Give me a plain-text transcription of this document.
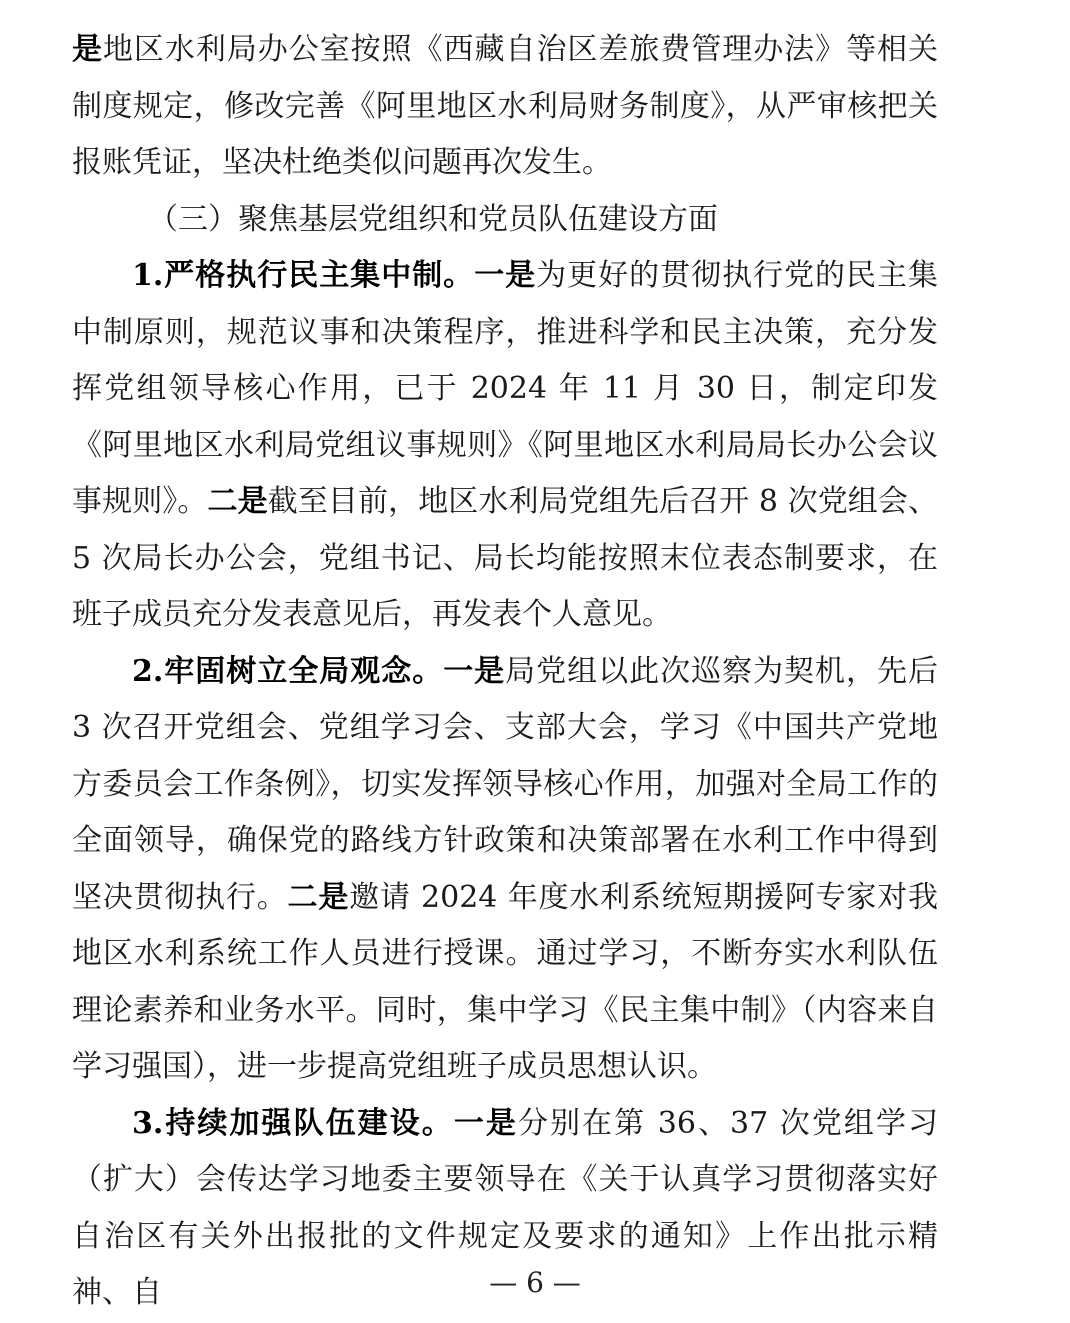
是地区水利局办公室按照《西藏自治区差旅费管理办法》等相关制度规定，修改完善《阿里地区水利局财务制度》，从严审核把关报账凭证，坚决杜绝类似问题再次发生。

（三）聚焦基层党组织和党员队伍建设方面

1.严格执行民主集中制。一是为更好的贯彻执行党的民主集中制原则，规范议事和决策程序，推进科学和民主决策，充分发挥党组领导核心作用，已于 2024 年 11 月 30 日，制定印发《阿里地区水利局党组议事规则》《阿里地区水利局局长办公会议事规则》。二是截至目前，地区水利局党组先后召开 8 次党组会、5 次局长办公会，党组书记、局长均能按照末位表态制要求，在班子成员充分发表意见后，再发表个人意见。

2.牢固树立全局观念。一是局党组以此次巡察为契机，先后 3 次召开党组会、党组学习会、支部大会，学习《中国共产党地方委员会工作条例》，切实发挥领导核心作用，加强对全局工作的全面领导，确保党的路线方针政策和决策部署在水利工作中得到坚决贯彻执行。二是邀请 2024 年度水利系统短期援阿专家对我地区水利系统工作人员进行授课。通过学习，不断夯实水利队伍理论素养和业务水平。同时，集中学习《民主集中制》（内容来自学习强国），进一步提高党组班子成员思想认识。

3.持续加强队伍建设。一是分别在第 36、37 次党组学习（扩大）会传达学习地委主要领导在《关于认真学习贯彻落实好自治区有关外出报批的文件规定及要求的通知》上作出批示精神、自	— 6 —
